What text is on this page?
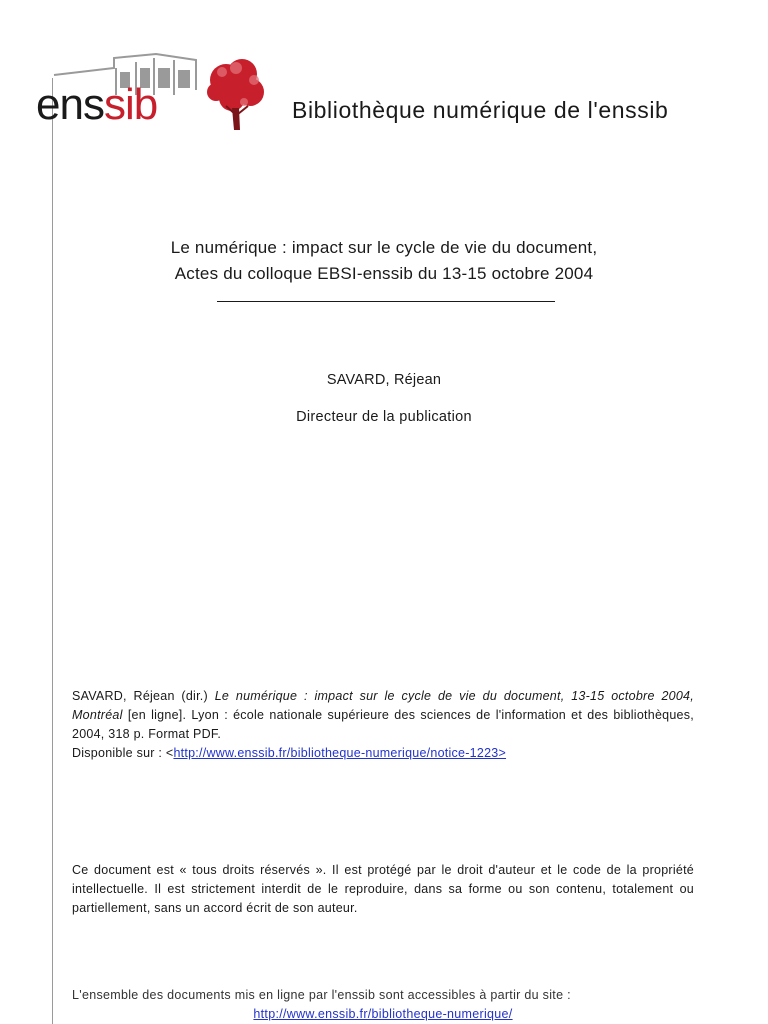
enssib	Bibliothèque numérique de l'enssib
Le numérique : impact sur le cycle de vie du document,
Actes du colloque EBSI-enssib du 13-15 octobre 2004
SAVARD, Réjean
Directeur de la publication
SAVARD, Réjean (dir.) Le numérique : impact sur le cycle de vie du document, 13-15 octobre 2004, Montréal [en ligne]. Lyon : école nationale supérieure des sciences de l'information et des bibliothèques, 2004, 318 p. Format PDF.
Disponible sur : <http://www.enssib.fr/bibliotheque-numerique/notice-1223>
Ce document est « tous droits réservés ». Il est protégé par le droit d'auteur et le code de la propriété intellectuelle. Il est strictement interdit de le reproduire, dans sa forme ou son contenu, totalement ou partiellement, sans un accord écrit de son auteur.
L'ensemble des documents mis en ligne par l'enssib sont accessibles à partir du site :
http://www.enssib.fr/bibliotheque-numerique/
